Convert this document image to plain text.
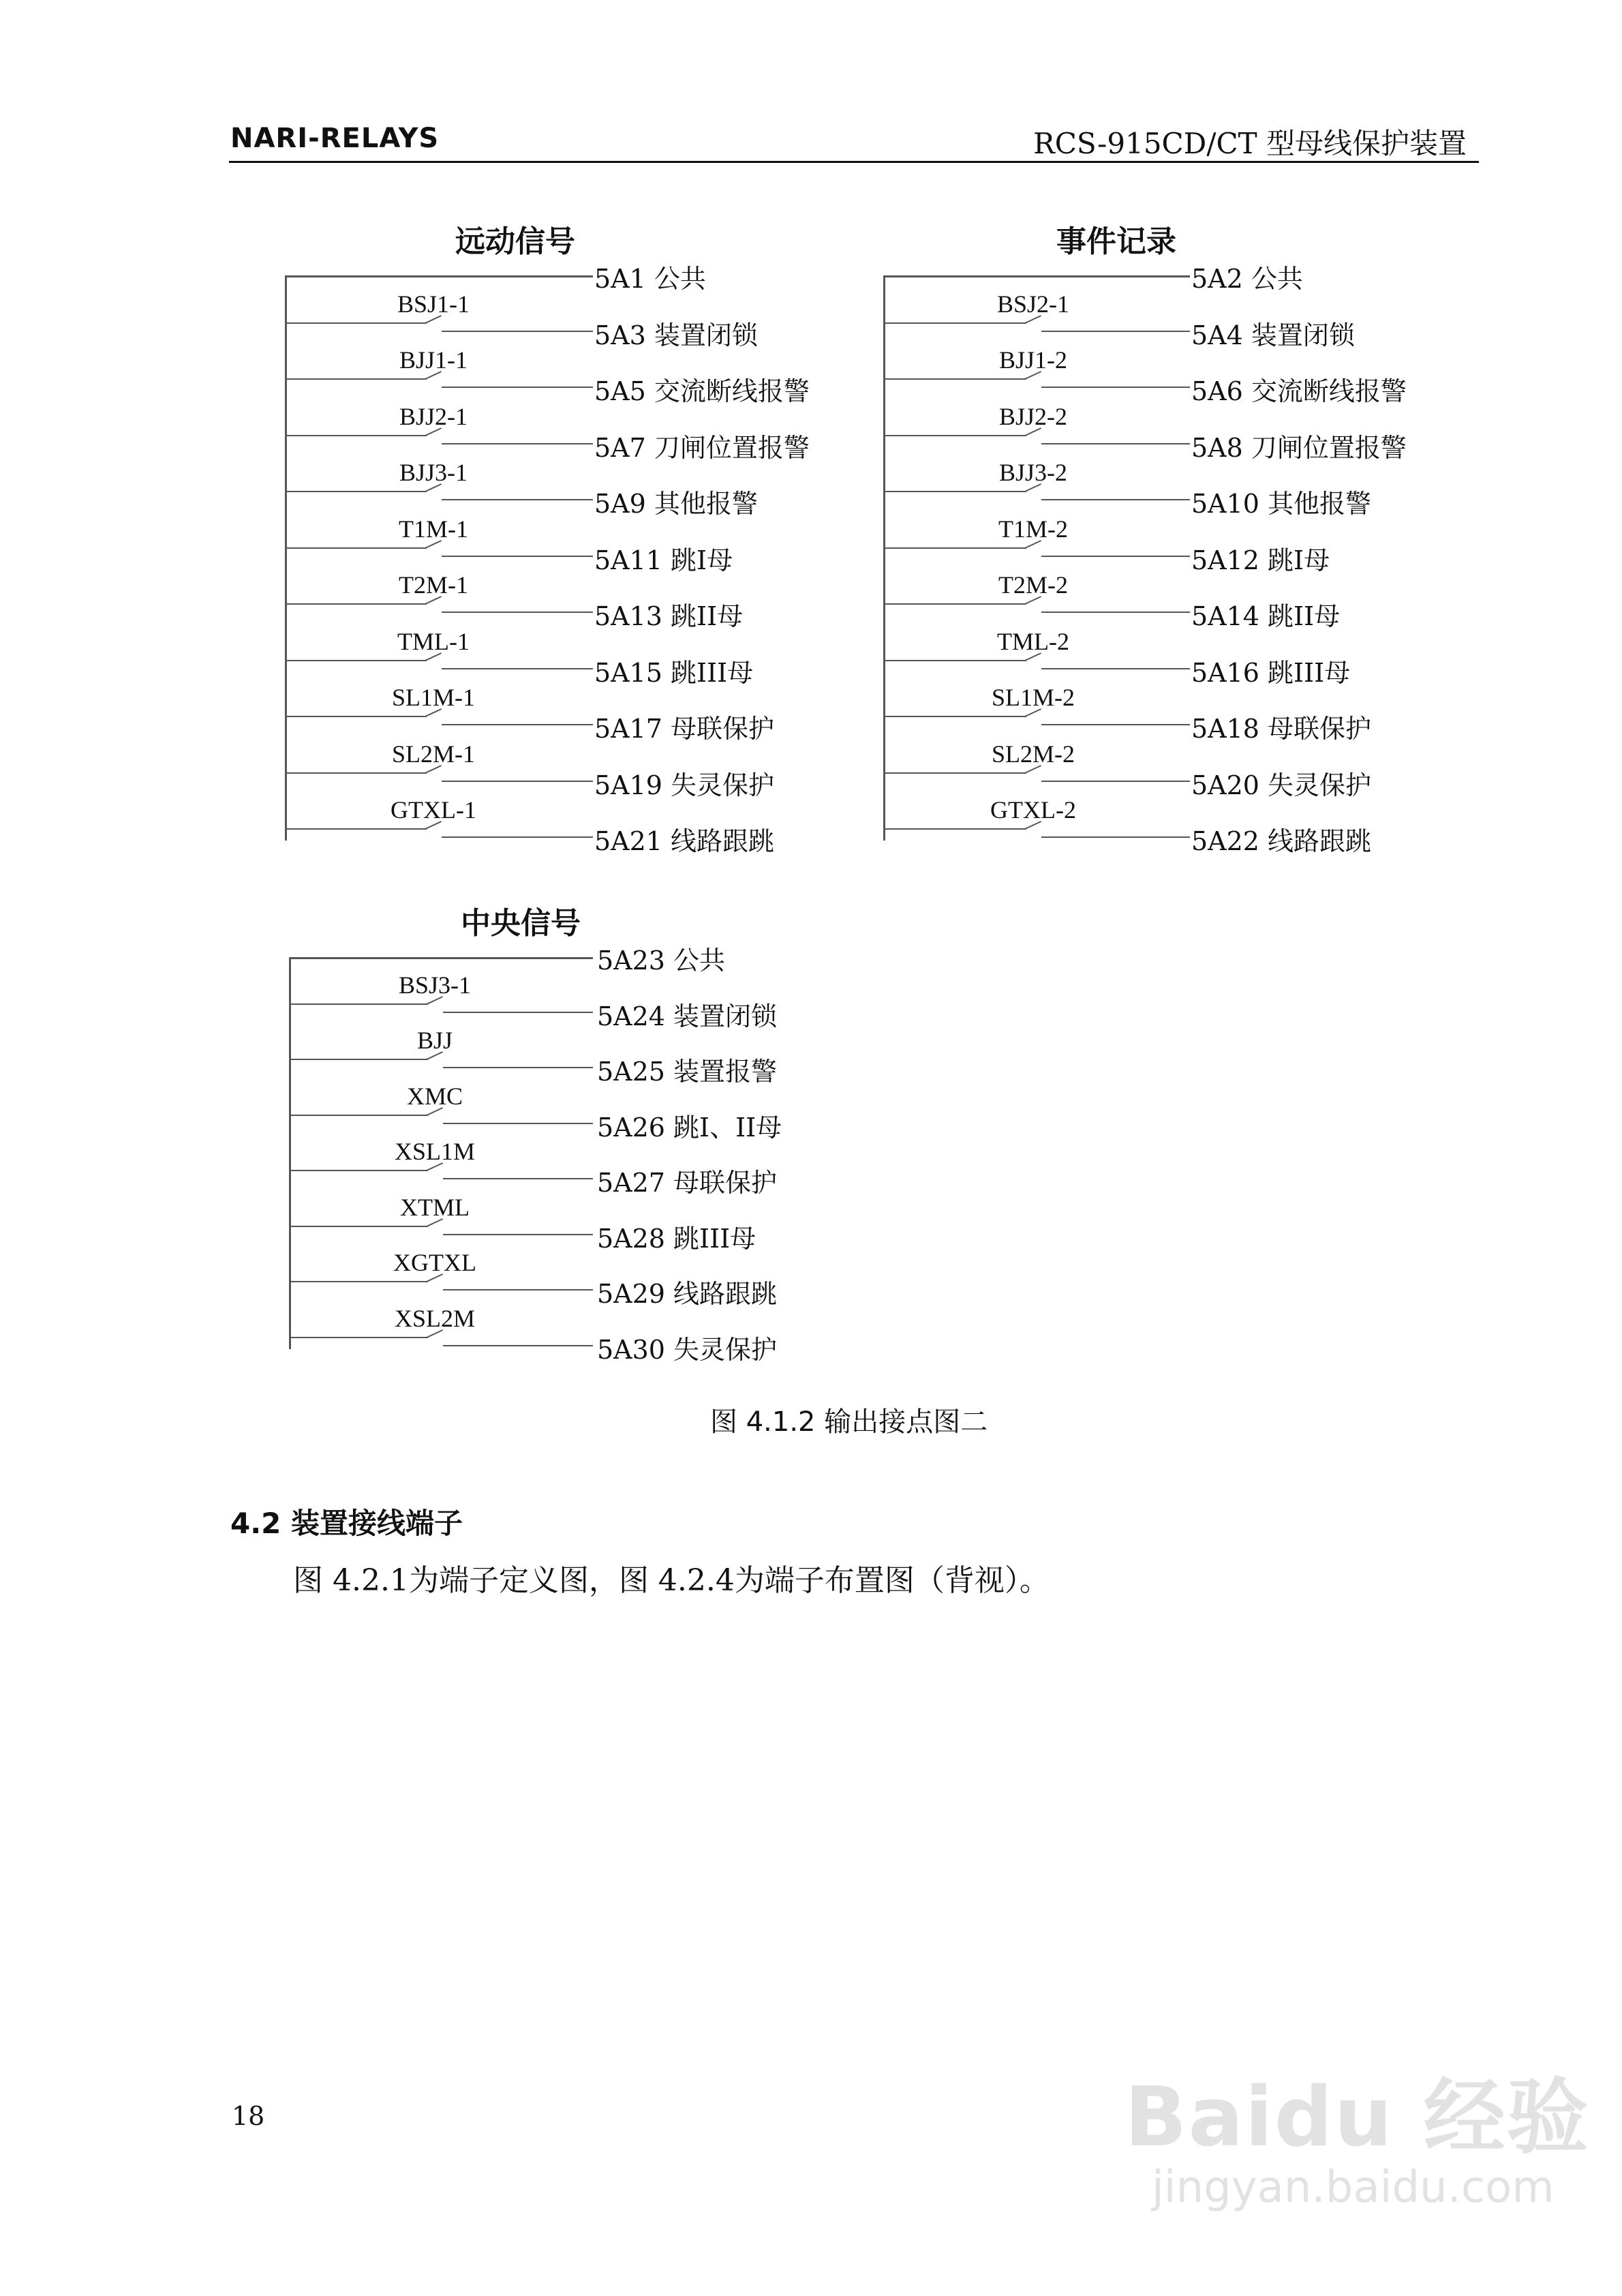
NARI-RELAYS	RCS-915CD/CT 型母线保护装置
远动信号
5A1 公共
BSJ1-1
5A3 装置闭锁
BJJ1-1
5A5 交流断线报警
BJJ2-1
5A7 刀闸位置报警
BJJ3-1
5A9 其他报警
T1M-1
5A11 跳I母
T2M-1
5A13 跳II母
TML-1
5A15 跳III母
SL1M-1
5A17 母联保护
SL2M-1
5A19 失灵保护
GTXL-1
5A21 线路跟跳
事件记录
5A2 公共
BSJ2-1
5A4 装置闭锁
BJJ1-2
5A6 交流断线报警
BJJ2-2
5A8 刀闸位置报警
BJJ3-2
5A10 其他报警
T1M-2
5A12 跳I母
T2M-2
5A14 跳II母
TML-2
5A16 跳III母
SL1M-2
5A18 母联保护
SL2M-2
5A20 失灵保护
GTXL-2
5A22 线路跟跳
中央信号
5A23 公共
BSJ3-1
5A24 装置闭锁
BJJ
5A25 装置报警
XMC
5A26 跳I、II母
XSL1M
5A27 母联保护
XTML
5A28 跳III母
XGTXL
5A29 线路跟跳
XSL2M
5A30 失灵保护
图 4.1.2 输出接点图二
4.2 装置接线端子
图 4.2.1为端子定义图，图 4.2.4为端子布置图（背视）。
18	Baidu 经验
jingyan.baidu.com
